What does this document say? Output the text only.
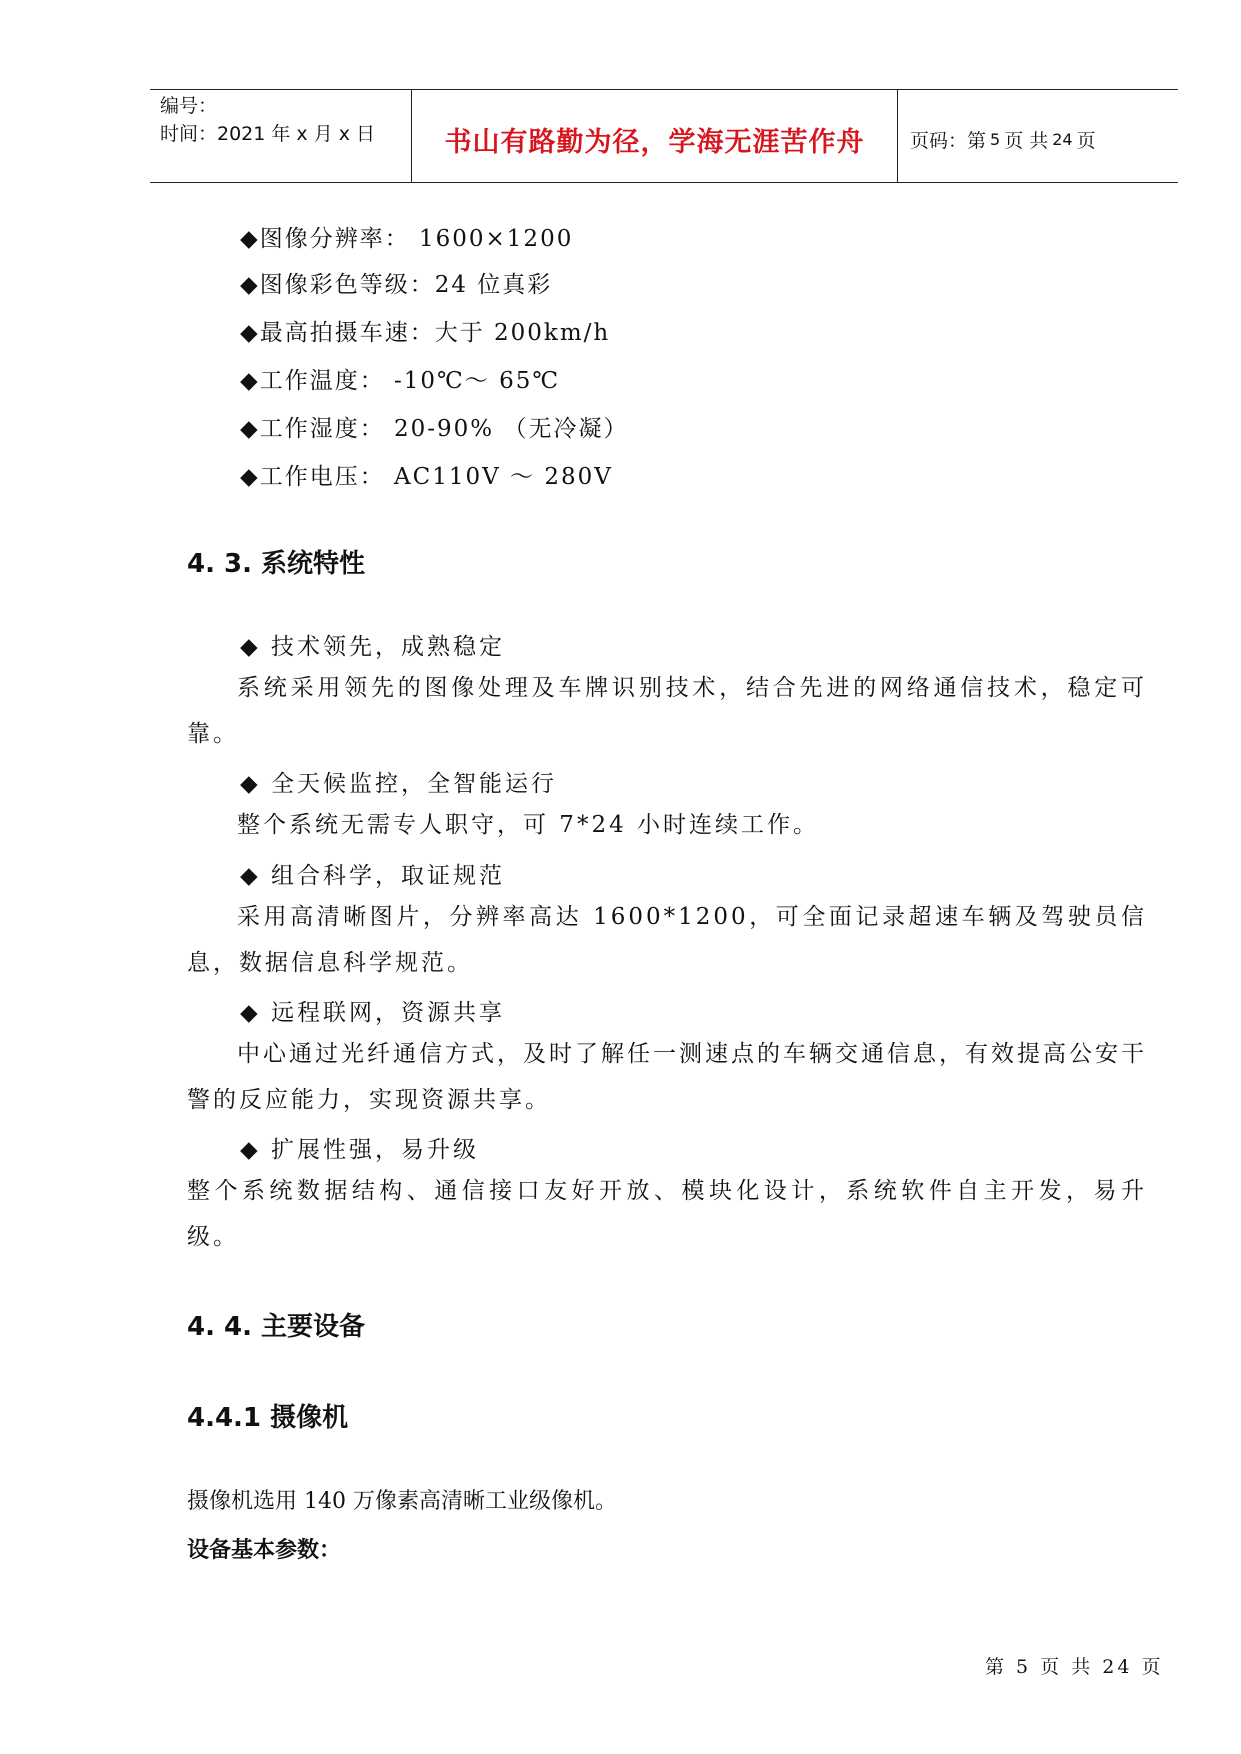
编号：
时间：2021 年 x 月 x 日	书山有路勤为径，学海无涯苦作舟	页码：第 5 页 共 24 页
◆图像分辨率： 1600×1200
◆图像彩色等级：24 位真彩
◆最高拍摄车速：大于 200km/h
◆工作温度： -10℃～ 65℃
◆工作湿度： 20-90% （无冷凝）
◆工作电压： AC110V ～ 280V
4. 3. 系统特性
◆ 技术领先，成熟稳定
系统采用领先的图像处理及车牌识别技术，结合先进的网络通信技术，稳定可靠。
◆ 全天候监控，全智能运行
整个系统无需专人职守，可 7*24 小时连续工作。
◆ 组合科学，取证规范
采用高清晰图片，分辨率高达 1600*1200，可全面记录超速车辆及驾驶员信息，数据信息科学规范。
◆ 远程联网，资源共享
中心通过光纤通信方式，及时了解任一测速点的车辆交通信息，有效提高公安干警的反应能力，实现资源共享。
◆ 扩展性强，易升级
整个系统数据结构、通信接口友好开放、模块化设计，系统软件自主开发，易升级。
4. 4. 主要设备
4.4.1 摄像机
摄像机选用 140 万像素高清晰工业级像机。
设备基本参数：
第 5 页 共 24 页
